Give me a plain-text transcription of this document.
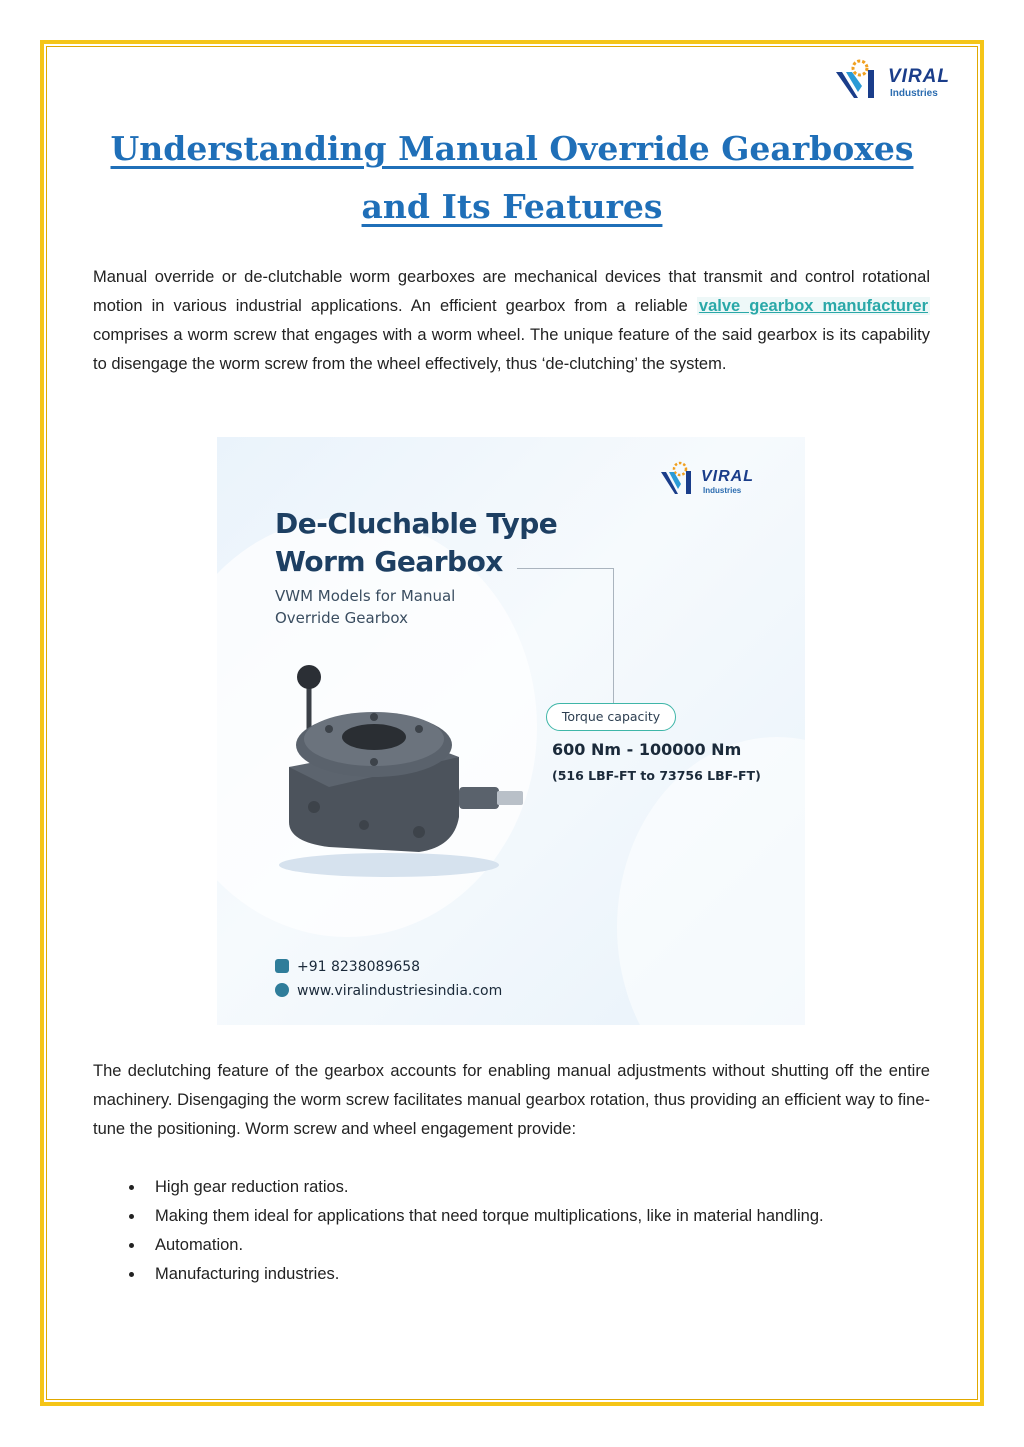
VIRAL
Industries
Understanding Manual Override Gearboxes and Its Features

Manual override or de-clutchable worm gearboxes are mechanical devices that transmit and control rotational motion in various industrial applications. An efficient gearbox from a reliable valve gearbox manufacturer comprises a worm screw that engages with a worm wheel. The unique feature of the said gearbox is its capability to disengage the worm screw from the wheel effectively, thus ‘de-clutching’ the system.

VIRAL
Industries

De-Cluchable Type
Worm Gearbox

VWM Models for Manual
Override Gearbox

Torque capacity
600 Nm - 100000 Nm
(516 LBF-FT to 73756 LBF-FT)
+91 8238089658
www.viralindustriesindia.com

The declutching feature of the gearbox accounts for enabling manual adjustments without shutting off the entire machinery. Disengaging the worm screw facilitates manual gearbox rotation, thus providing an efficient way to fine-tune the positioning. Worm screw and wheel engagement provide:

High gear reduction ratios.
Making them ideal for applications that need torque multiplications, like in material handling.
Automation.
Manufacturing industries.
